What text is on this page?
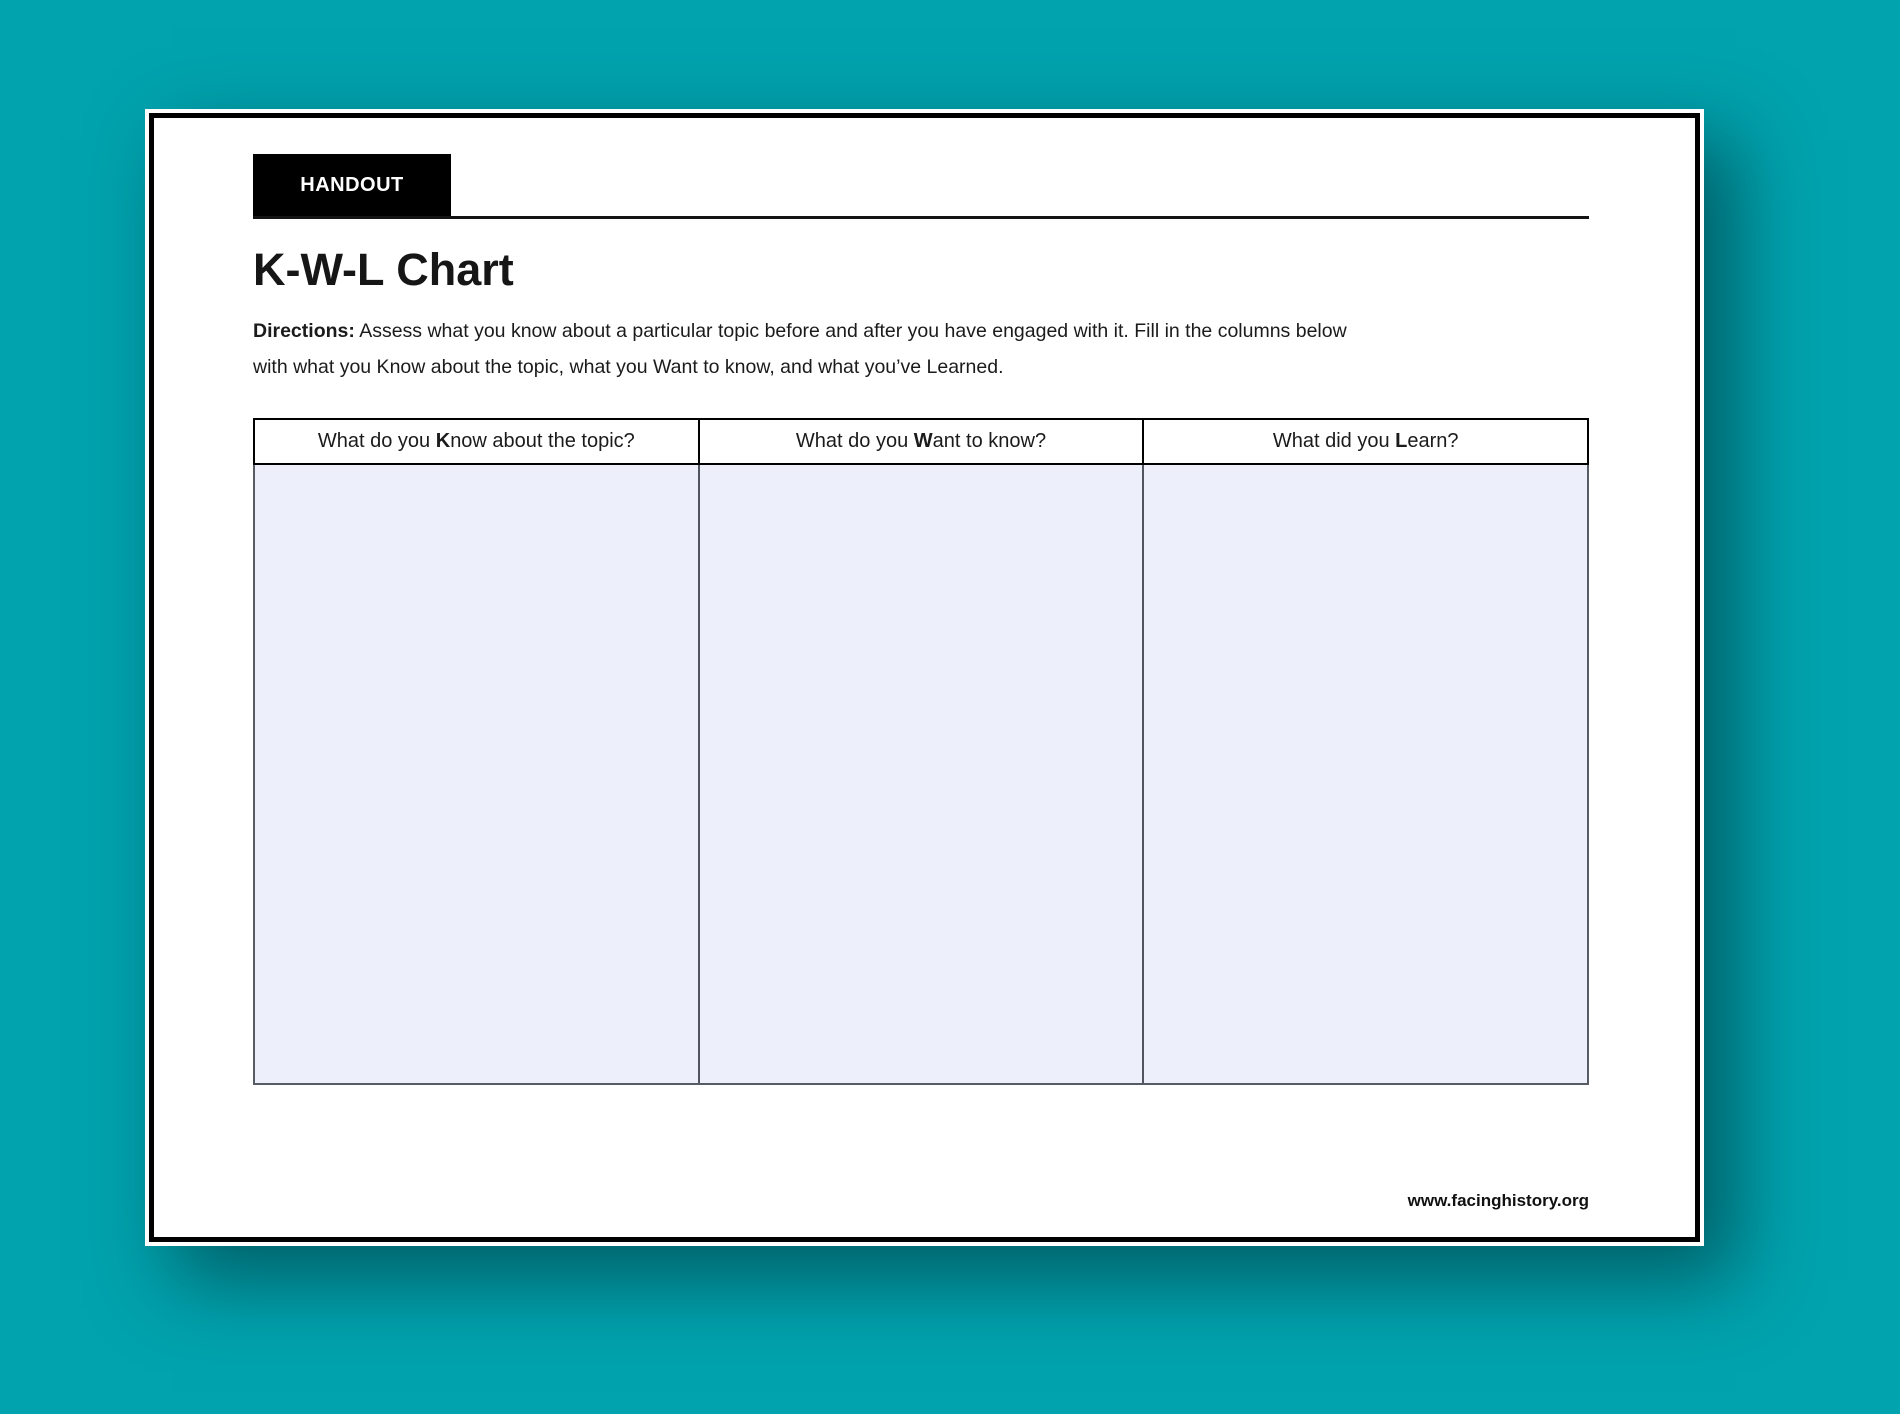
HANDOUT
K-W-L Chart

Directions: Assess what you know about a particular topic before and after you have engaged with it. Fill in the columns below
with what you Know about the topic, what you Want to know, and what you’ve Learned.

What do you Know about the topic?	What do you Want to know?	What did you Learn?
www.facinghistory.org
